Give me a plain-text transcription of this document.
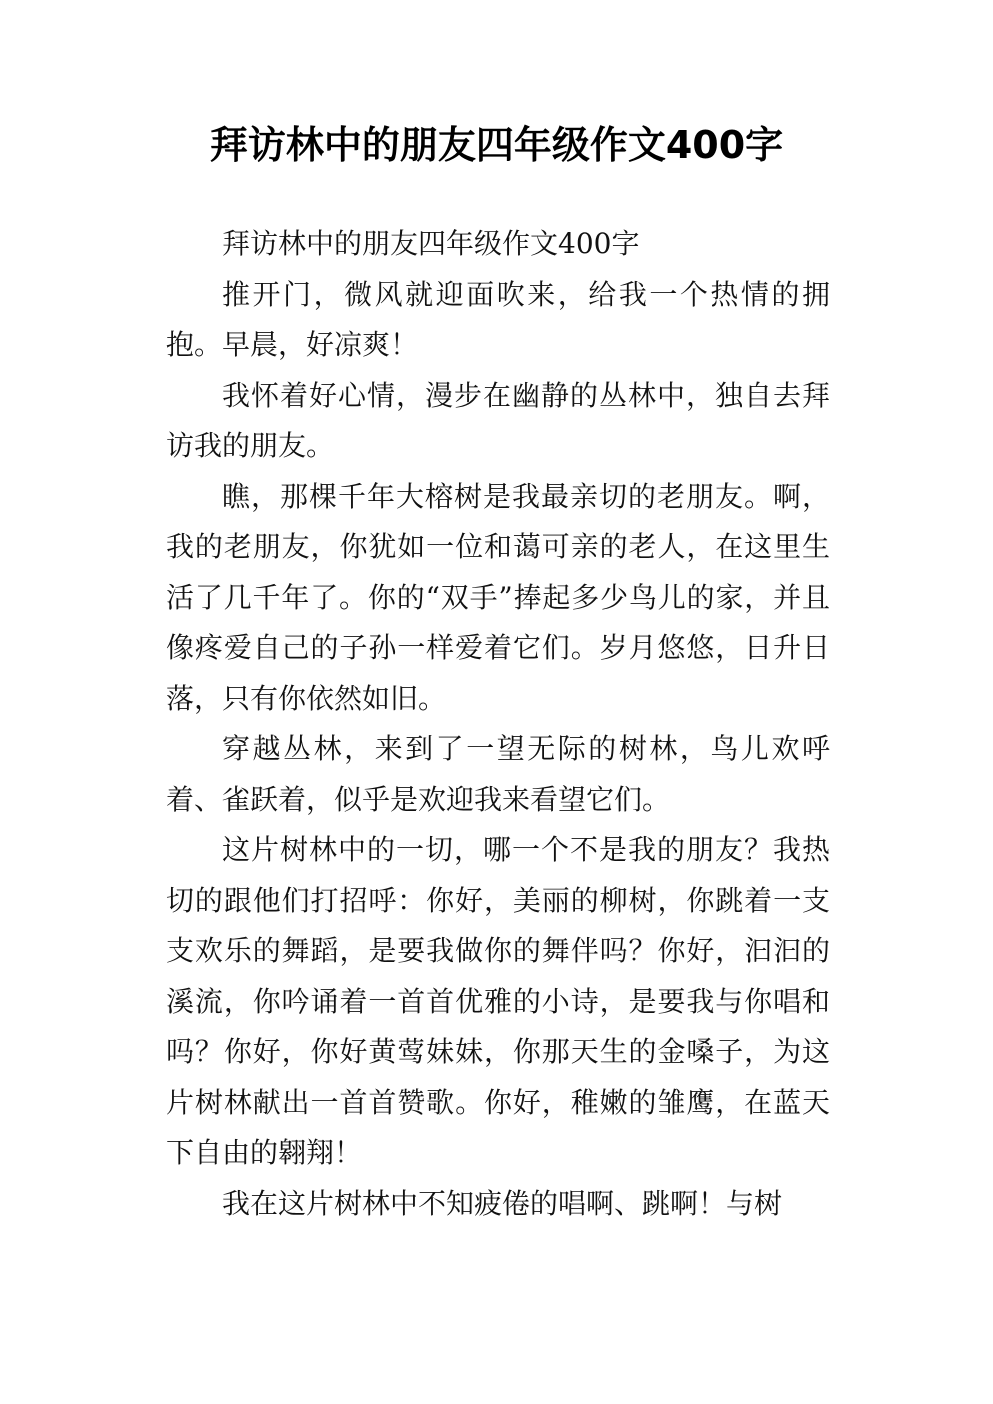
拜访林中的朋友四年级作文400字

拜访林中的朋友四年级作文400字

推开门，微风就迎面吹来，给我一个热情的拥抱。早晨，好凉爽！

我怀着好心情，漫步在幽静的丛林中，独自去拜访我的朋友。

瞧，那棵千年大榕树是我最亲切的老朋友。啊，我的老朋友，你犹如一位和蔼可亲的老人，在这里生活了几千年了。你的“双手”捧起多少鸟儿的家，并且像疼爱自己的子孙一样爱着它们。岁月悠悠，日升日落，只有你依然如旧。

穿越丛林，来到了一望无际的树林，鸟儿欢呼着、雀跃着，似乎是欢迎我来看望它们。

这片树林中的一切，哪一个不是我的朋友？我热切的跟他们打招呼：你好，美丽的柳树，你跳着一支支欢乐的舞蹈，是要我做你的舞伴吗？你好，汩汩的溪流，你吟诵着一首首优雅的小诗，是要我与你唱和吗？你好，你好黄莺妹妹，你那天生的金嗓子，为这片树林献出一首首赞歌。你好，稚嫩的雏鹰，在蓝天下自由的翱翔！

我在这片树林中不知疲倦的唱啊、跳啊！与树
